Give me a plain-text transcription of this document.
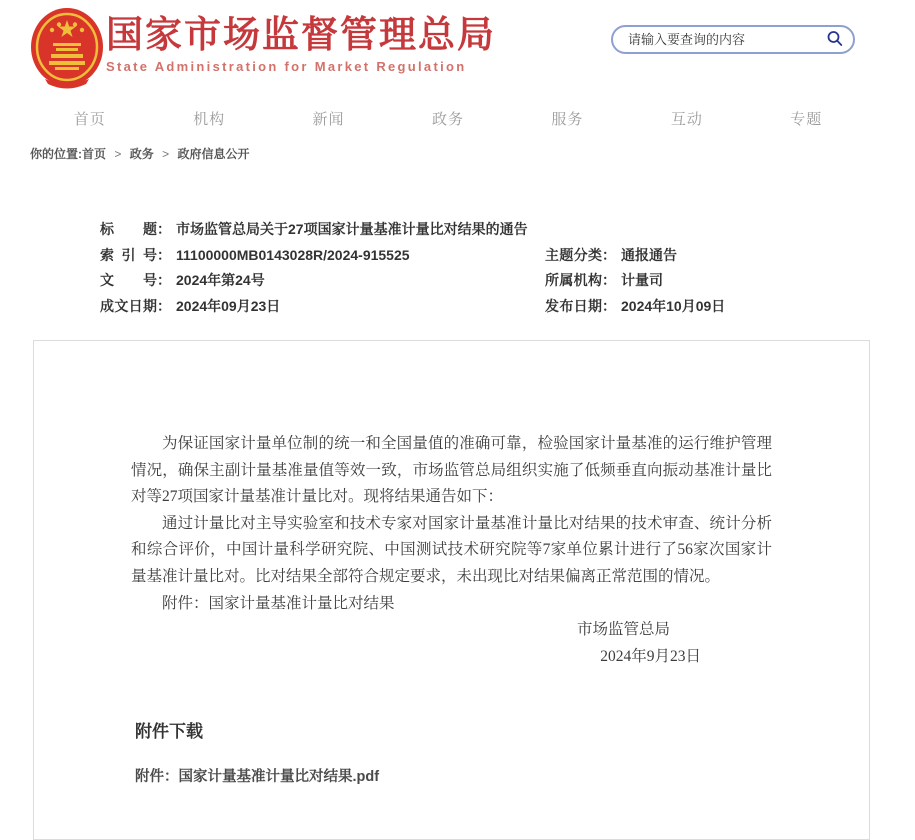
国家市场监督管理总局
State Administration for Market Regulation
请输入要查询的内容
首页	机构	新闻	政务	服务	互动	专题
你的位置:首页 > 政务 > 政府信息公开
标题： 市场监管总局关于27项国家计量基准计量比对结果的通告
索引号： 11100000MB0143028R/2024-915525	主题分类： 通报通告
文号： 2024年第24号	所属机构： 计量司
成文日期： 2024年09月23日	发布日期： 2024年10月09日

为保证国家计量单位制的统一和全国量值的准确可靠，检验国家计量基准的运行维护管理情况，确保主副计量基准量值等效一致，市场监管总局组织实施了低频垂直向振动基准计量比对等27项国家计量基准计量比对。现将结果通告如下：

通过计量比对主导实验室和技术专家对国家计量基准计量比对结果的技术审查、统计分析和综合评价，中国计量科学研究院、中国测试技术研究院等7家单位累计进行了56家次国家计量基准计量比对。比对结果全部符合规定要求，未出现比对结果偏离正常范围的情况。

附件：国家计量基准计量比对结果

市场监管总局
2024年9月23日
附件下载
附件：国家计量基准计量比对结果.pdf
